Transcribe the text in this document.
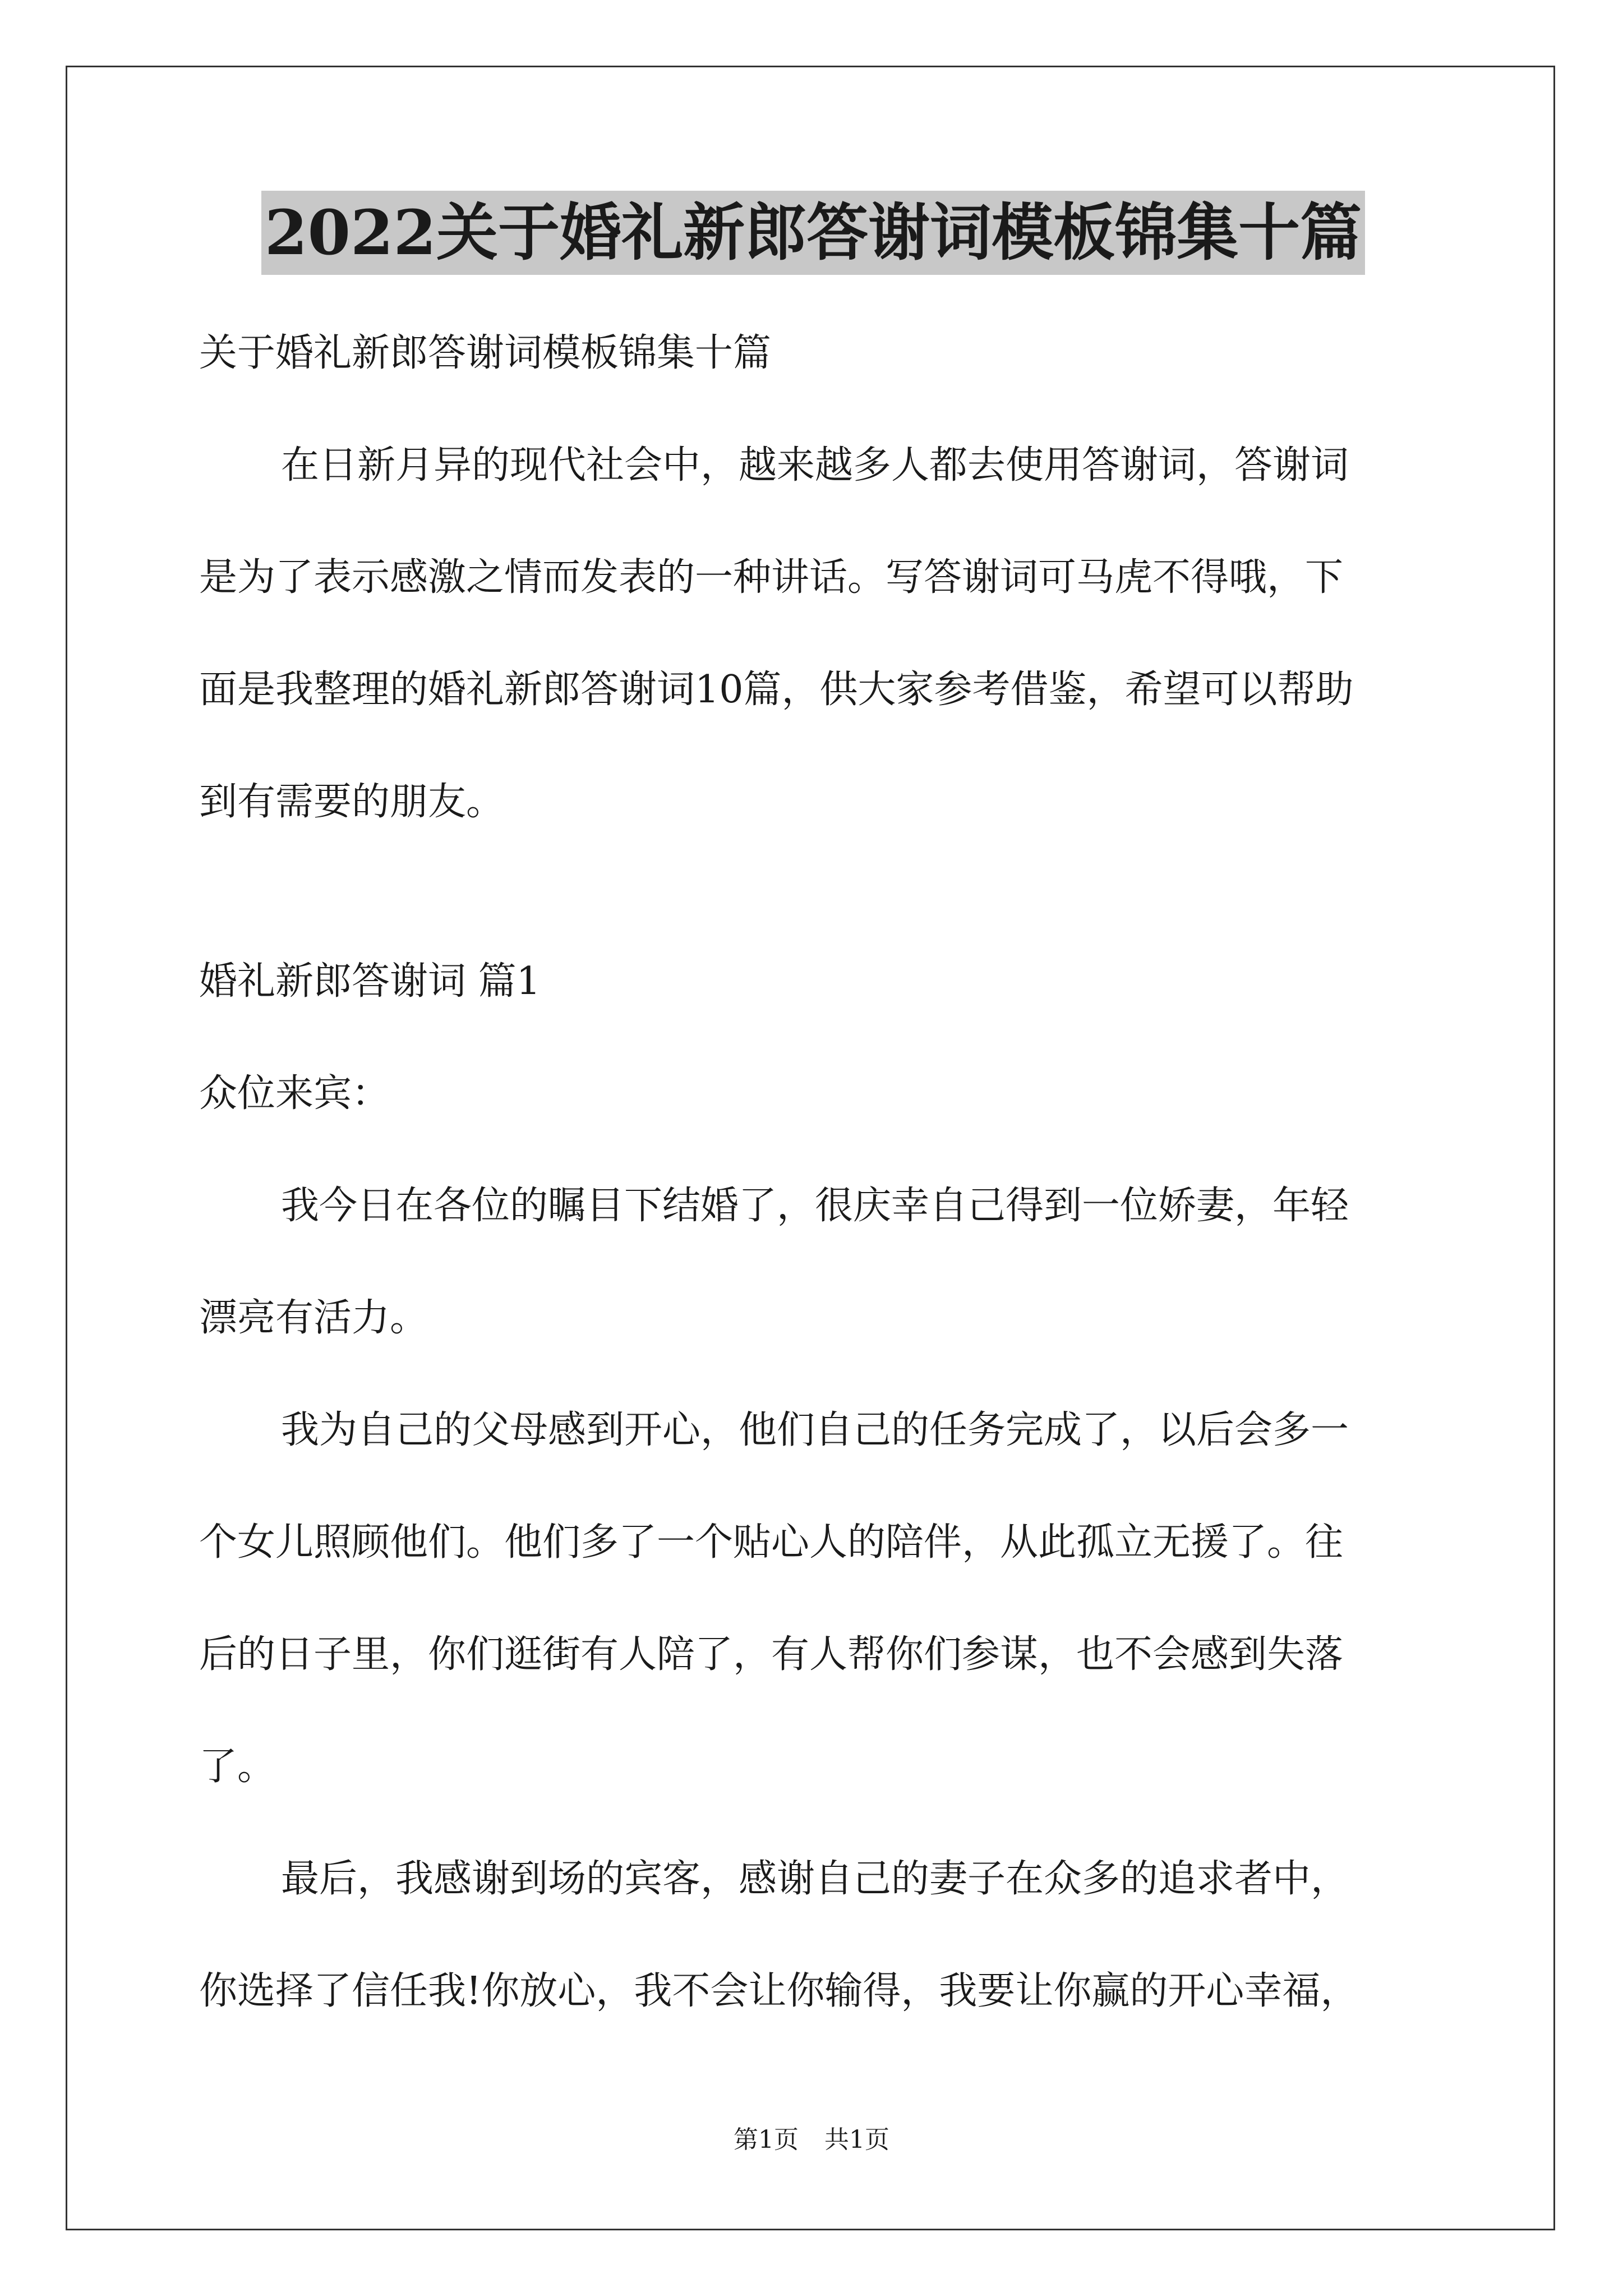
2022关于婚礼新郎答谢词模板锦集十篇

关于婚礼新郎答谢词模板锦集十篇

在日新月异的现代社会中，越来越多人都去使用答谢词，答谢词

是为了表示感激之情而发表的一种讲话。写答谢词可马虎不得哦，下

面是我整理的婚礼新郎答谢词10篇，供大家参考借鉴，希望可以帮助

到有需要的朋友。

婚礼新郎答谢词 篇1

众位来宾：

我今日在各位的瞩目下结婚了，很庆幸自己得到一位娇妻，年轻

漂亮有活力。

我为自己的父母感到开心，他们自己的任务完成了，以后会多一

个女儿照顾他们。他们多了一个贴心人的陪伴，从此孤立无援了。往

后的日子里，你们逛街有人陪了，有人帮你们参谋，也不会感到失落

了。

最后，我感谢到场的宾客，感谢自己的妻子在众多的追求者中，

你选择了信任我!你放心，我不会让你输得，我要让你赢的开心幸福，

第1页 共1页
